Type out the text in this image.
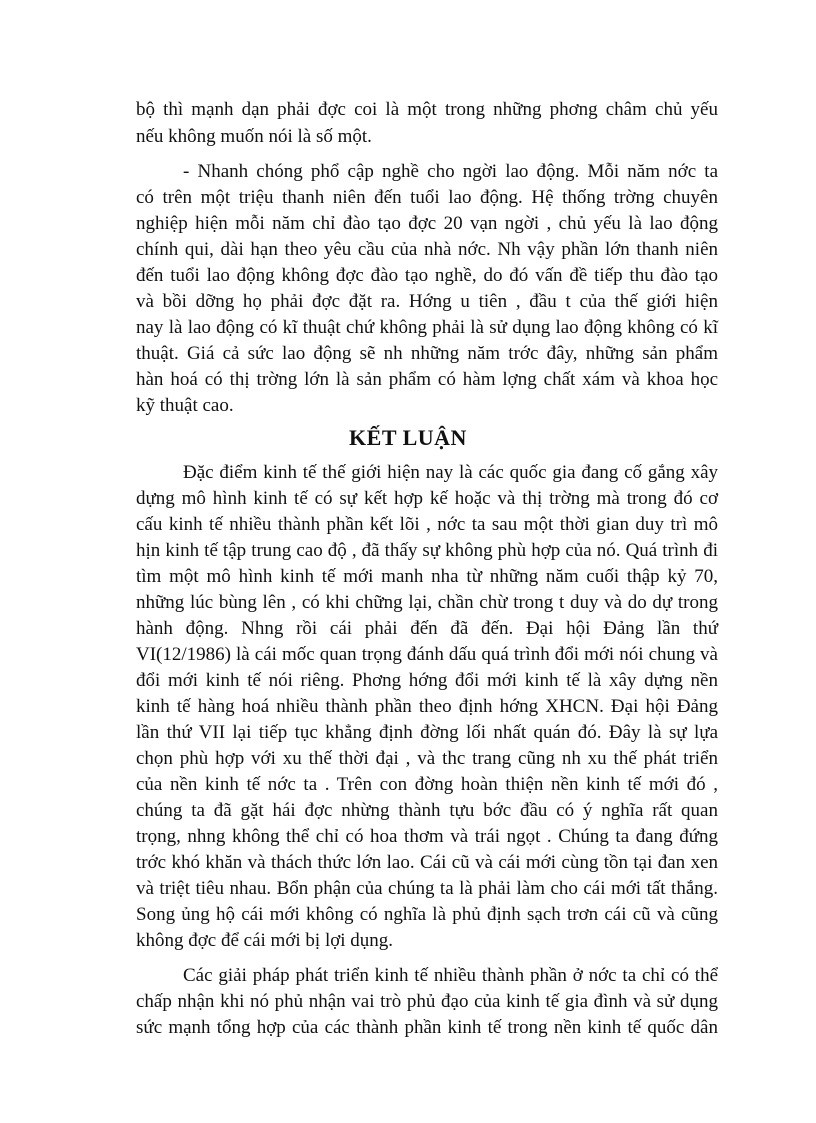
bộ thì mạnh dạn phải đợc coi là một trong những phơng châm chủ yếu
nếu không muốn nói là số một.
- Nhanh chóng phổ cập nghề cho ngời lao động. Mỗi năm nớc ta
có trên một triệu thanh niên đến tuổi lao động. Hệ thống trờng chuyên
nghiệp hiện mỗi năm chỉ đào tạo đợc 20 vạn ngời , chủ yếu là lao động
chính qui, dài hạn theo yêu cầu của nhà nớc. Nh vậy phần lớn thanh niên
đến tuổi lao động không đợc đào tạo nghề, do đó vấn đề tiếp thu đào tạo
và bồi dỡng họ phải đợc đặt ra. Hớng u tiên , đầu t của thế giới hiện
nay là lao động có kĩ thuật chứ không phải là sử dụng lao động không có kĩ
thuật. Giá cả sức lao động sẽ nh những năm trớc đây, những sản phẩm
hàn hoá có thị trờng lớn là sản phẩm có hàm lợng chất xám và khoa học
kỹ thuật cao.
KẾT LUẬN
Đặc điểm kinh tế thế giới hiện nay là các quốc gia đang cố gắng xây
dựng mô hình kinh tế có sự kết hợp kế hoặc và thị trờng mà trong đó cơ
cấu kinh tế nhiều thành phần kết lõi , nớc ta sau một thời gian duy trì mô
hịn kinh tế tập trung cao độ , đã thấy sự không phù hợp của nó. Quá trình đi
tìm một mô hình kinh tế mới manh nha từ những năm cuối thập kỷ 70,
những lúc bùng lên , có khi chững lại, chần chừ trong t duy và do dự trong
hành động. Nhng rồi cái phải đến đã đến. Đại hội Đảng lần thứ
VI(12/1986) là cái mốc quan trọng đánh dấu quá trình đổi mới nói chung và
đổi mới kinh tế nói riêng. Phơng hớng đổi mới kinh tế là xây dựng nền
kinh tế hàng hoá nhiều thành phần theo định hớng XHCN. Đại hội Đảng
lần thứ VII lại tiếp tục khẳng định đờng lối nhất quán đó. Đây là sự lựa
chọn phù hợp với xu thế thời đại , và thc trang cũng nh xu thế phát triển
của nền kinh tế nớc ta . Trên con đờng hoàn thiện nền kinh tế mới đó ,
chúng ta đã gặt hái đợc nhừng thành tựu bớc đầu có ý nghĩa rất quan
trọng, nhng không thể chỉ có hoa thơm và trái ngọt . Chúng ta đang đứng
trớc khó khăn và thách thức lớn lao. Cái cũ và cái mới cùng tồn tại đan xen
và triệt tiêu nhau. Bổn phận của chúng ta là phải làm cho cái mới tất thắng.
Song ủng hộ cái mới không có nghĩa là phủ định sạch trơn cái cũ và cũng
không đợc để cái mới bị lợi dụng.
Các giải pháp phát triển kinh tế nhiều thành phần ở nớc ta chỉ có thể
chấp nhận khi nó phủ nhận vai trò phủ đạo của kinh tế gia đình và sử dụng
sức mạnh tổng hợp của các thành phần kinh tế trong nền kinh tế quốc dân
